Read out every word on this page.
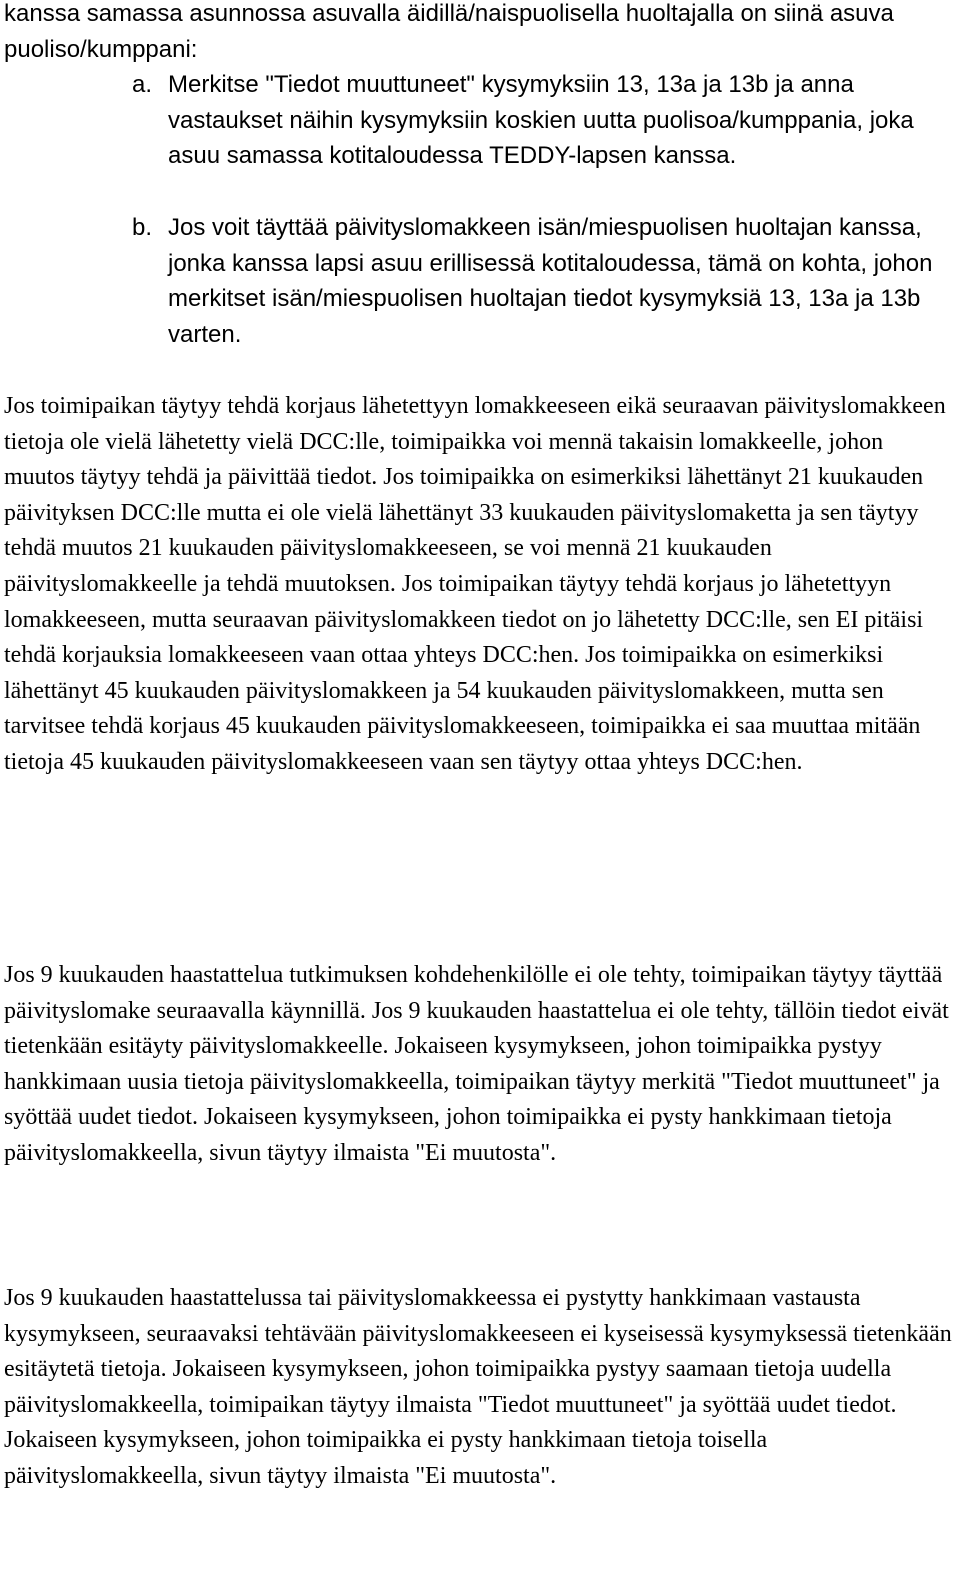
kanssa samassa asunnossa asuvalla äidillä/naispuolisella huoltajalla on siinä asuva puoliso/kumppani:

a. Merkitse "Tiedot muuttuneet" kysymyksiin 13, 13a ja 13b ja anna vastaukset näihin kysymyksiin koskien uutta puolisoa/kumppania, joka asuu samassa kotitaloudessa TEDDY-lapsen kanssa.

b. Jos voit täyttää päivityslomakkeen isän/miespuolisen huoltajan kanssa, jonka kanssa lapsi asuu erillisessä kotitaloudessa, tämä on kohta, johon merkitset isän/miespuolisen huoltajan tiedot kysymyksiä 13, 13a ja 13b varten.

Jos toimipaikan täytyy tehdä korjaus lähetettyyn lomakkeeseen eikä seuraavan päivityslomakkeen tietoja ole vielä lähetetty vielä DCC:lle, toimipaikka voi mennä takaisin lomakkeelle, johon muutos täytyy tehdä ja päivittää tiedot. Jos toimipaikka on esimerkiksi lähettänyt 21 kuukauden päivityksen DCC:lle mutta ei ole vielä lähettänyt 33 kuukauden päivityslomaketta ja sen täytyy tehdä muutos 21 kuukauden päivityslomakkeeseen, se voi mennä 21 kuukauden päivityslomakkeelle ja tehdä muutoksen. Jos toimipaikan täytyy tehdä korjaus jo lähetettyyn lomakkeeseen, mutta seuraavan päivityslomakkeen tiedot on jo lähetetty DCC:lle, sen EI pitäisi tehdä korjauksia lomakkeeseen vaan ottaa yhteys DCC:hen. Jos toimipaikka on esimerkiksi lähettänyt 45 kuukauden päivityslomakkeen ja 54 kuukauden päivityslomakkeen, mutta sen tarvitsee tehdä korjaus 45 kuukauden päivityslomakkeeseen, toimipaikka ei saa muuttaa mitään tietoja 45 kuukauden päivityslomakkeeseen vaan sen täytyy ottaa yhteys DCC:hen.

Jos 9 kuukauden haastattelua tutkimuksen kohdehenkilölle ei ole tehty, toimipaikan täytyy täyttää päivityslomake seuraavalla käynnillä. Jos 9 kuukauden haastattelua ei ole tehty, tällöin tiedot eivät tietenkään esitäyty päivityslomakkeelle. Jokaiseen kysymykseen, johon toimipaikka pystyy hankkimaan uusia tietoja päivityslomakkeella, toimipaikan täytyy merkitä "Tiedot muuttuneet" ja syöttää uudet tiedot. Jokaiseen kysymykseen, johon toimipaikka ei pysty hankkimaan tietoja päivityslomakkeella, sivun täytyy ilmaista "Ei muutosta".

Jos 9 kuukauden haastattelussa tai päivityslomakkeessa ei pystytty hankkimaan vastausta kysymykseen, seuraavaksi tehtävään päivityslomakkeeseen ei kyseisessä kysymyksessä tietenkään esitäytetä tietoja. Jokaiseen kysymykseen, johon toimipaikka pystyy saamaan tietoja uudella päivityslomakkeella, toimipaikan täytyy ilmaista "Tiedot muuttuneet" ja syöttää uudet tiedot. Jokaiseen kysymykseen, johon toimipaikka ei pysty hankkimaan tietoja toisella päivityslomakkeella, sivun täytyy ilmaista "Ei muutosta".
